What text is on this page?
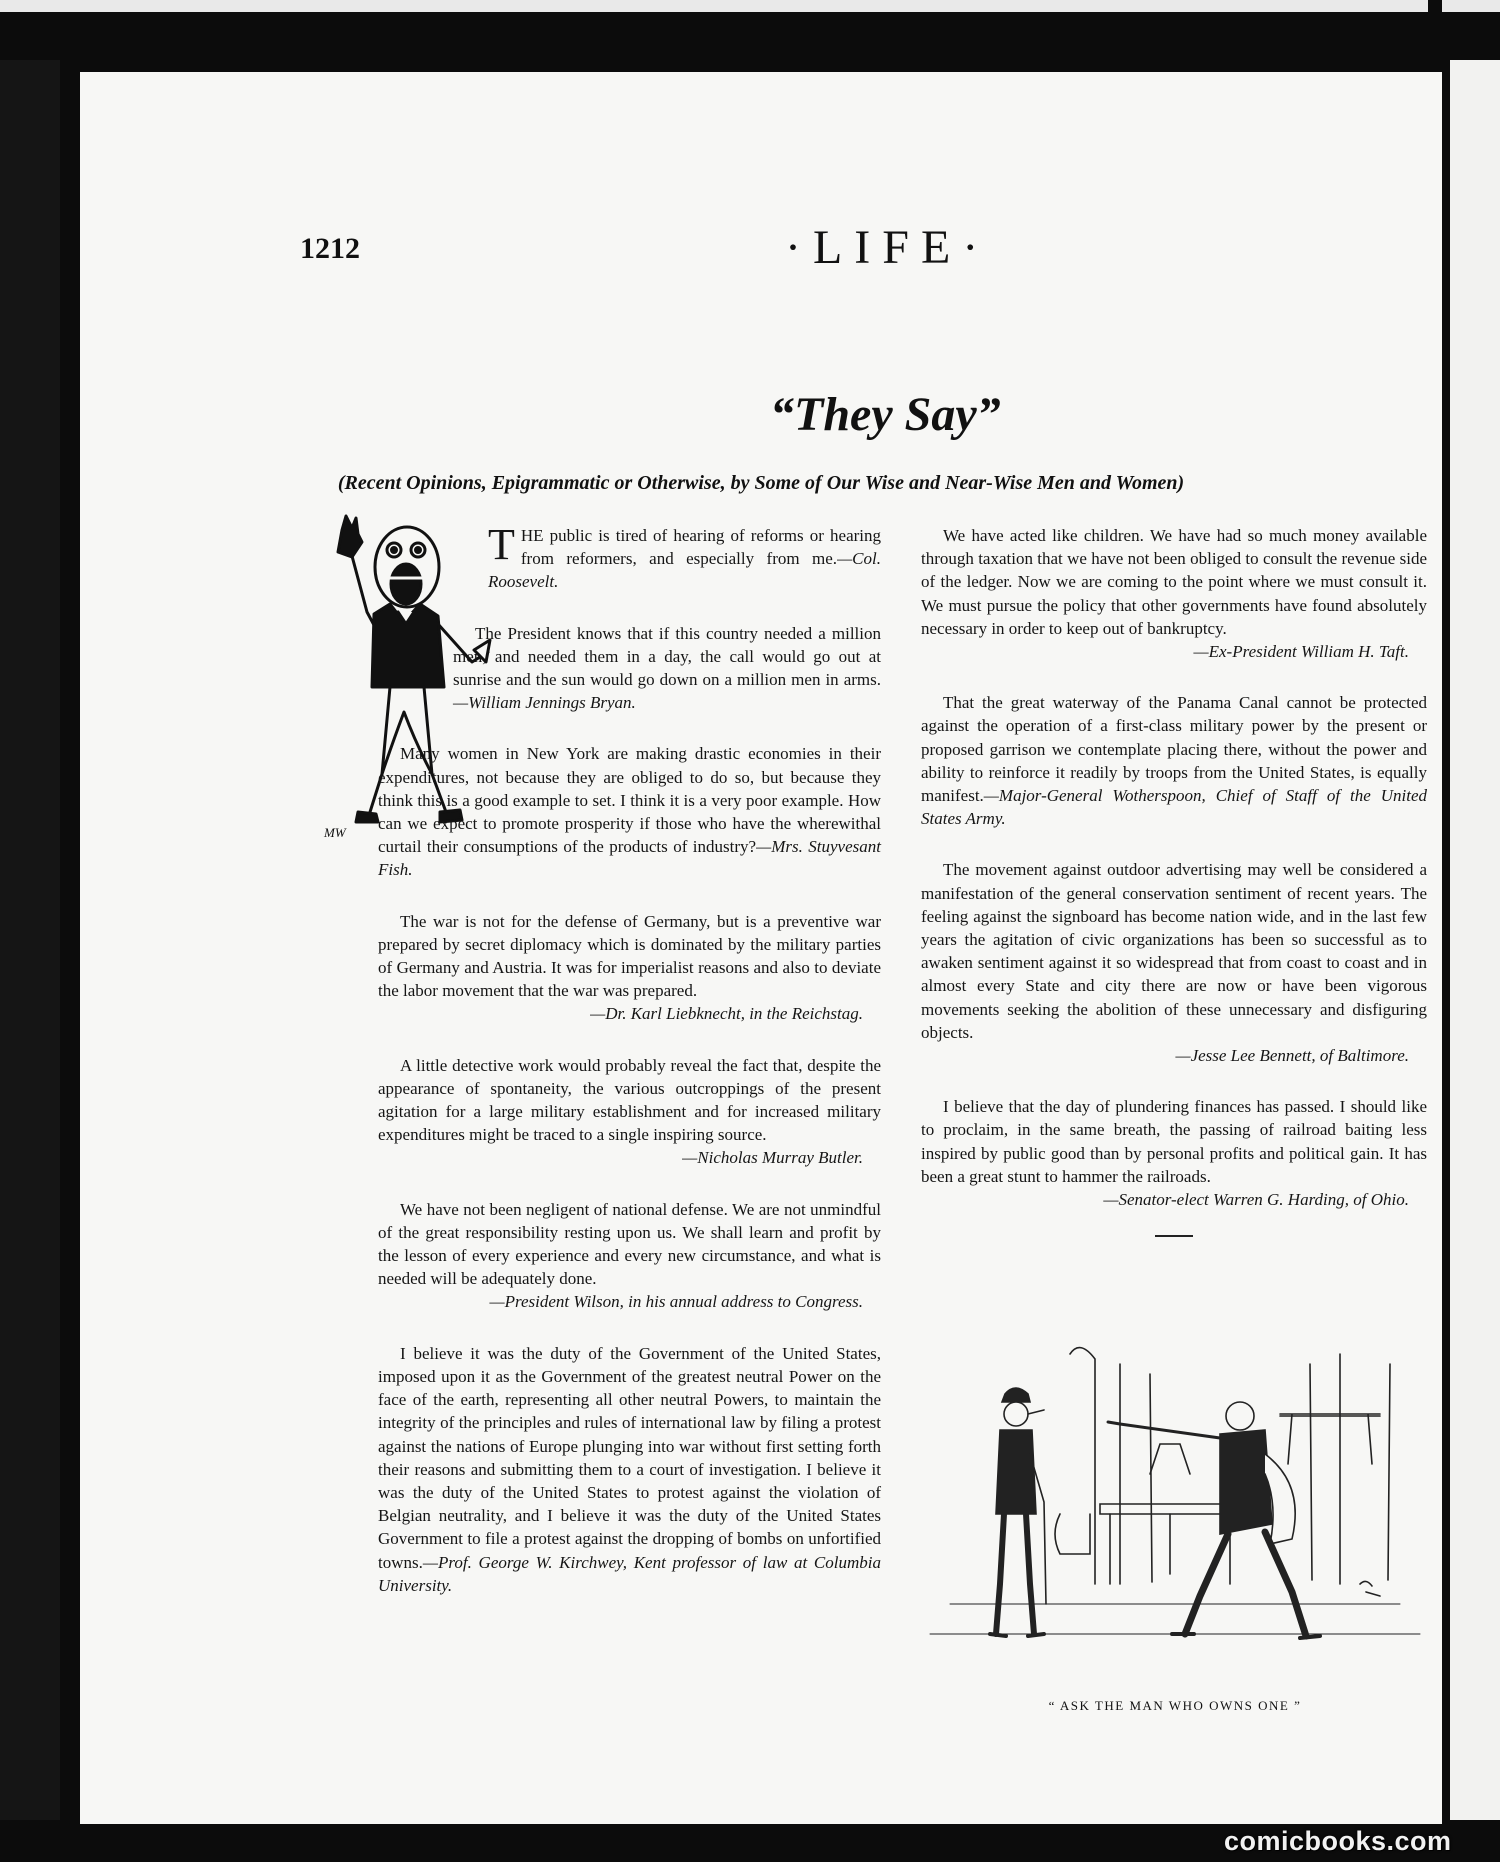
1212	·LIFE·
“They Say”
(Recent Opinions, Epigrammatic or Otherwise, by Some of Our Wise and Near-Wise Men and Women)
MW
THE public is tired of hearing of reforms or hearing from reformers, and especially from me.—Col. Roosevelt.
The President knows that if this country needed a million men, and needed them in a day, the call would go out at sunrise and the sun would go down on a million men in arms.—William Jennings Bryan.
Many women in New York are making drastic economies in their expenditures, not because they are obliged to do so, but because they think this is a good example to set. I think it is a very poor example. How can we expect to promote prosperity if those who have the wherewithal curtail their consumptions of the products of industry?—Mrs. Stuyvesant Fish.
The war is not for the defense of Germany, but is a preventive war prepared by secret diplomacy which is dominated by the military parties of Germany and Austria. It was for imperialist reasons and also to deviate the labor movement that the war was prepared.
—Dr. Karl Liebknecht, in the Reichstag.
A little detective work would probably reveal the fact that, despite the appearance of spontaneity, the various outcroppings of the present agitation for a large military establishment and for increased military expenditures might be traced to a single inspiring source.
—Nicholas Murray Butler.
We have not been negligent of national defense. We are not unmindful of the great responsibility resting upon us. We shall learn and profit by the lesson of every experience and every new circumstance, and what is needed will be adequately done.
—President Wilson, in his annual address to Congress.
I believe it was the duty of the Government of the United States, imposed upon it as the Government of the greatest neutral Power on the face of the earth, representing all other neutral Powers, to maintain the integrity of the principles and rules of international law by filing a protest against the nations of Europe plunging into war without first setting forth their reasons and submitting them to a court of investigation. I believe it was the duty of the United States to protest against the violation of Belgian neutrality, and I believe it was the duty of the United States Government to file a protest against the dropping of bombs on unfortified towns.—Prof. George W. Kirchwey, Kent professor of law at Columbia University.
We have acted like children. We have had so much money available through taxation that we have not been obliged to consult the revenue side of the ledger. Now we are coming to the point where we must consult it. We must pursue the policy that other governments have found absolutely necessary in order to keep out of bankruptcy.
—Ex-President William H. Taft.
That the great waterway of the Panama Canal cannot be protected against the operation of a first-class military power by the present or proposed garrison we contemplate placing there, without the power and ability to reinforce it readily by troops from the United States, is equally manifest.—Major-General Wotherspoon, Chief of Staff of the United States Army.
The movement against outdoor advertising may well be considered a manifestation of the general conservation sentiment of recent years. The feeling against the signboard has become nation wide, and in the last few years the agitation of civic organizations has been so successful as to awaken sentiment against it so widespread that from coast to coast and in almost every State and city there are now or have been vigorous movements seeking the abolition of these unnecessary and disfiguring objects.
—Jesse Lee Bennett, of Baltimore.
I believe that the day of plundering finances has passed. I should like to proclaim, in the same breath, the passing of railroad baiting less inspired by public good than by personal profits and political gain. It has been a great stunt to hammer the railroads.
—Senator-elect Warren G. Harding, of Ohio.
“ ASK THE MAN WHO OWNS ONE ”
comicbooks.com
